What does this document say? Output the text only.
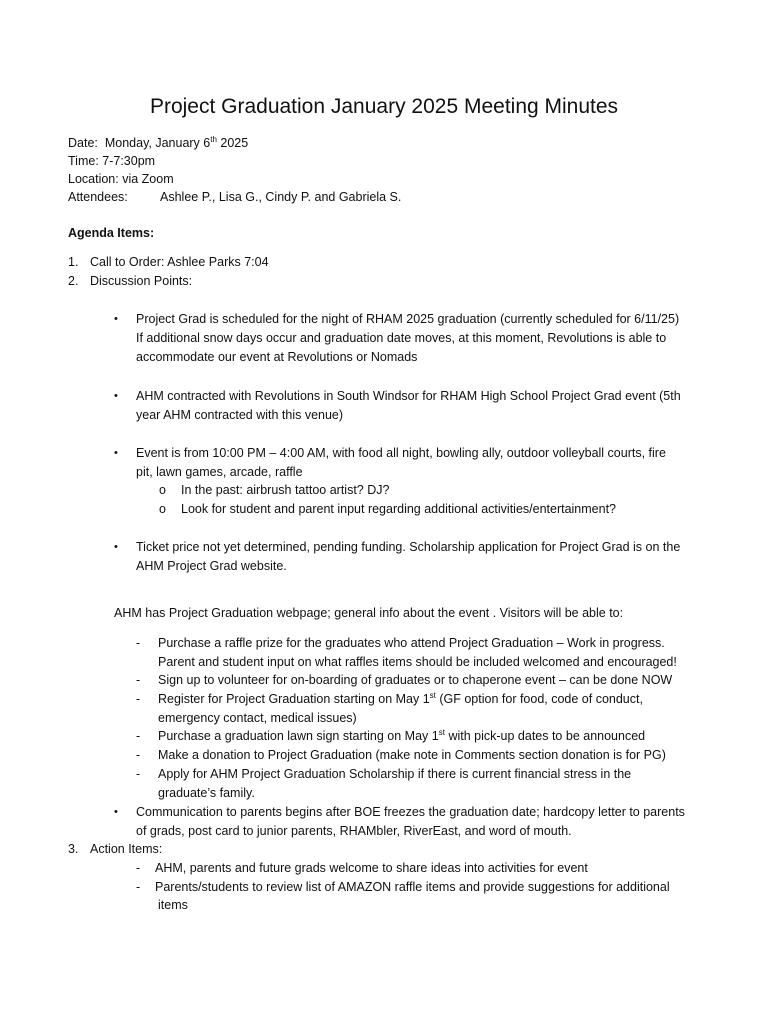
Project Graduation January 2025 Meeting Minutes
Date: Monday, January 6th 2025
Time: 7-7:30pm
Location: via Zoom
Attendees:	Ashlee P., Lisa G., Cindy P. and Gabriela S.
Agenda Items:
1. Call to Order: Ashlee Parks 7:04
2. Discussion Points:
• Project Grad is scheduled for the night of RHAM 2025 graduation (currently scheduled for 6/11/25)
If additional snow days occur and graduation date moves, at this moment, Revolutions is able to
accommodate our event at Revolutions or Nomads
• AHM contracted with Revolutions in South Windsor for RHAM High School Project Grad event (5th
year AHM contracted with this venue)
• Event is from 10:00 PM – 4:00 AM, with food all night, bowling ally, outdoor volleyball courts, fire
pit, lawn games, arcade, raffle
o In the past: airbrush tattoo artist? DJ?
o Look for student and parent input regarding additional activities/entertainment?
• Ticket price not yet determined, pending funding. Scholarship application for Project Grad is on the
AHM Project Grad website.
AHM has Project Graduation webpage; general info about the event . Visitors will be able to:
- Purchase a raffle prize for the graduates who attend Project Graduation – Work in progress.
Parent and student input on what raffles items should be included welcomed and encouraged!
- Sign up to volunteer for on-boarding of graduates or to chaperone event – can be done NOW
- Register for Project Graduation starting on May 1st (GF option for food, code of conduct,
emergency contact, medical issues)
- Purchase a graduation lawn sign starting on May 1st with pick-up dates to be announced
- Make a donation to Project Graduation (make note in Comments section donation is for PG)
- Apply for AHM Project Graduation Scholarship if there is current financial stress in the
graduate’s family.
• Communication to parents begins after BOE freezes the graduation date; hardcopy letter to parents
of grads, post card to junior parents, RHAMbler, RiverEast, and word of mouth.
3. Action Items:
- AHM, parents and future grads welcome to share ideas into activities for event
- Parents/students to review list of AMAZON raffle items and provide suggestions for additional
items
